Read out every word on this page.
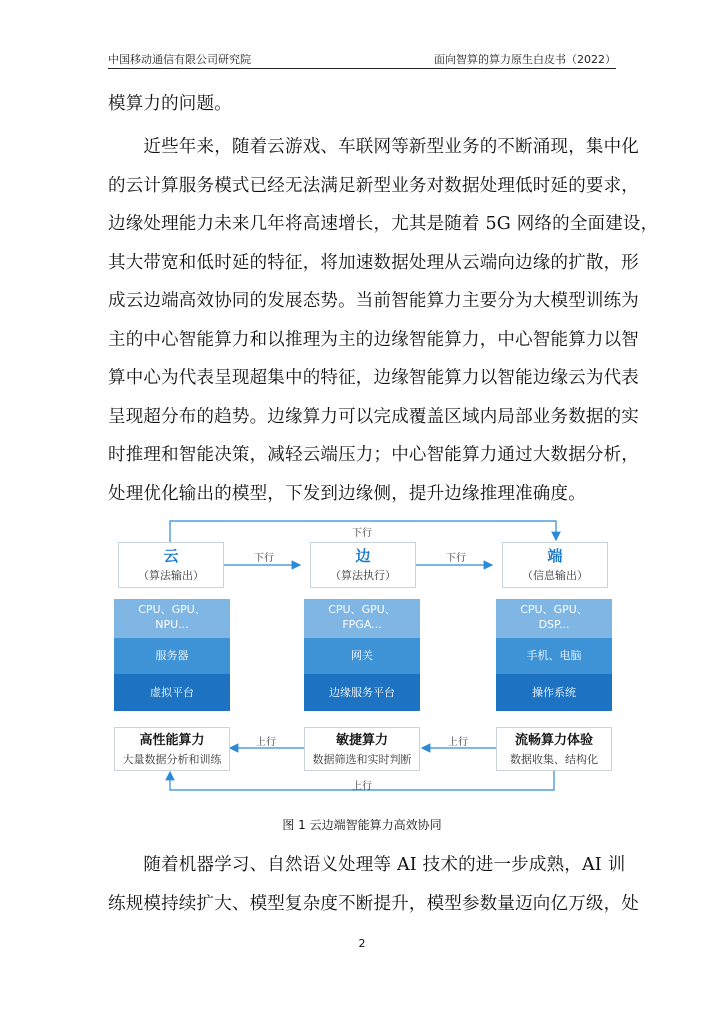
中国移动通信有限公司研究院	面向智算的算力原生白皮书（2022）
模算力的问题。
　　近些年来，随着云游戏、车联网等新型业务的不断涌现，集中化
的云计算服务模式已经无法满足新型业务对数据处理低时延的要求，
边缘处理能力未来几年将高速增长，尤其是随着 5G 网络的全面建设，
其大带宽和低时延的特征，将加速数据处理从云端向边缘的扩散，形
成云边端高效协同的发展态势。当前智能算力主要分为大模型训练为
主的中心智能算力和以推理为主的边缘智能算力，中心智能算力以智
算中心为代表呈现超集中的特征，边缘智能算力以智能边缘云为代表
呈现超分布的趋势。边缘算力可以完成覆盖区域内局部业务数据的实
时推理和智能决策，减轻云端压力；中心智能算力通过大数据分析，
处理优化输出的模型，下发到边缘侧，提升边缘推理准确度。
下行
下行	下行
上行	上行
上行
云
（算法输出）
边
（算法执行）
端
（信息输出）
CPU、GPU、
NPU...
服务器
虚拟平台
CPU、GPU、
FPGA...
网关
边缘服务平台
CPU、GPU、
DSP...
手机、电脑
操作系统
高性能算力
大量数据分析和训练
敏捷算力
数据筛选和实时判断
流畅算力体验
数据收集、结构化
图 1 云边端智能算力高效协同
　　随着机器学习、自然语义处理等 AI 技术的进一步成熟，AI 训
练规模持续扩大、模型复杂度不断提升，模型参数量迈向亿万级，处
2
